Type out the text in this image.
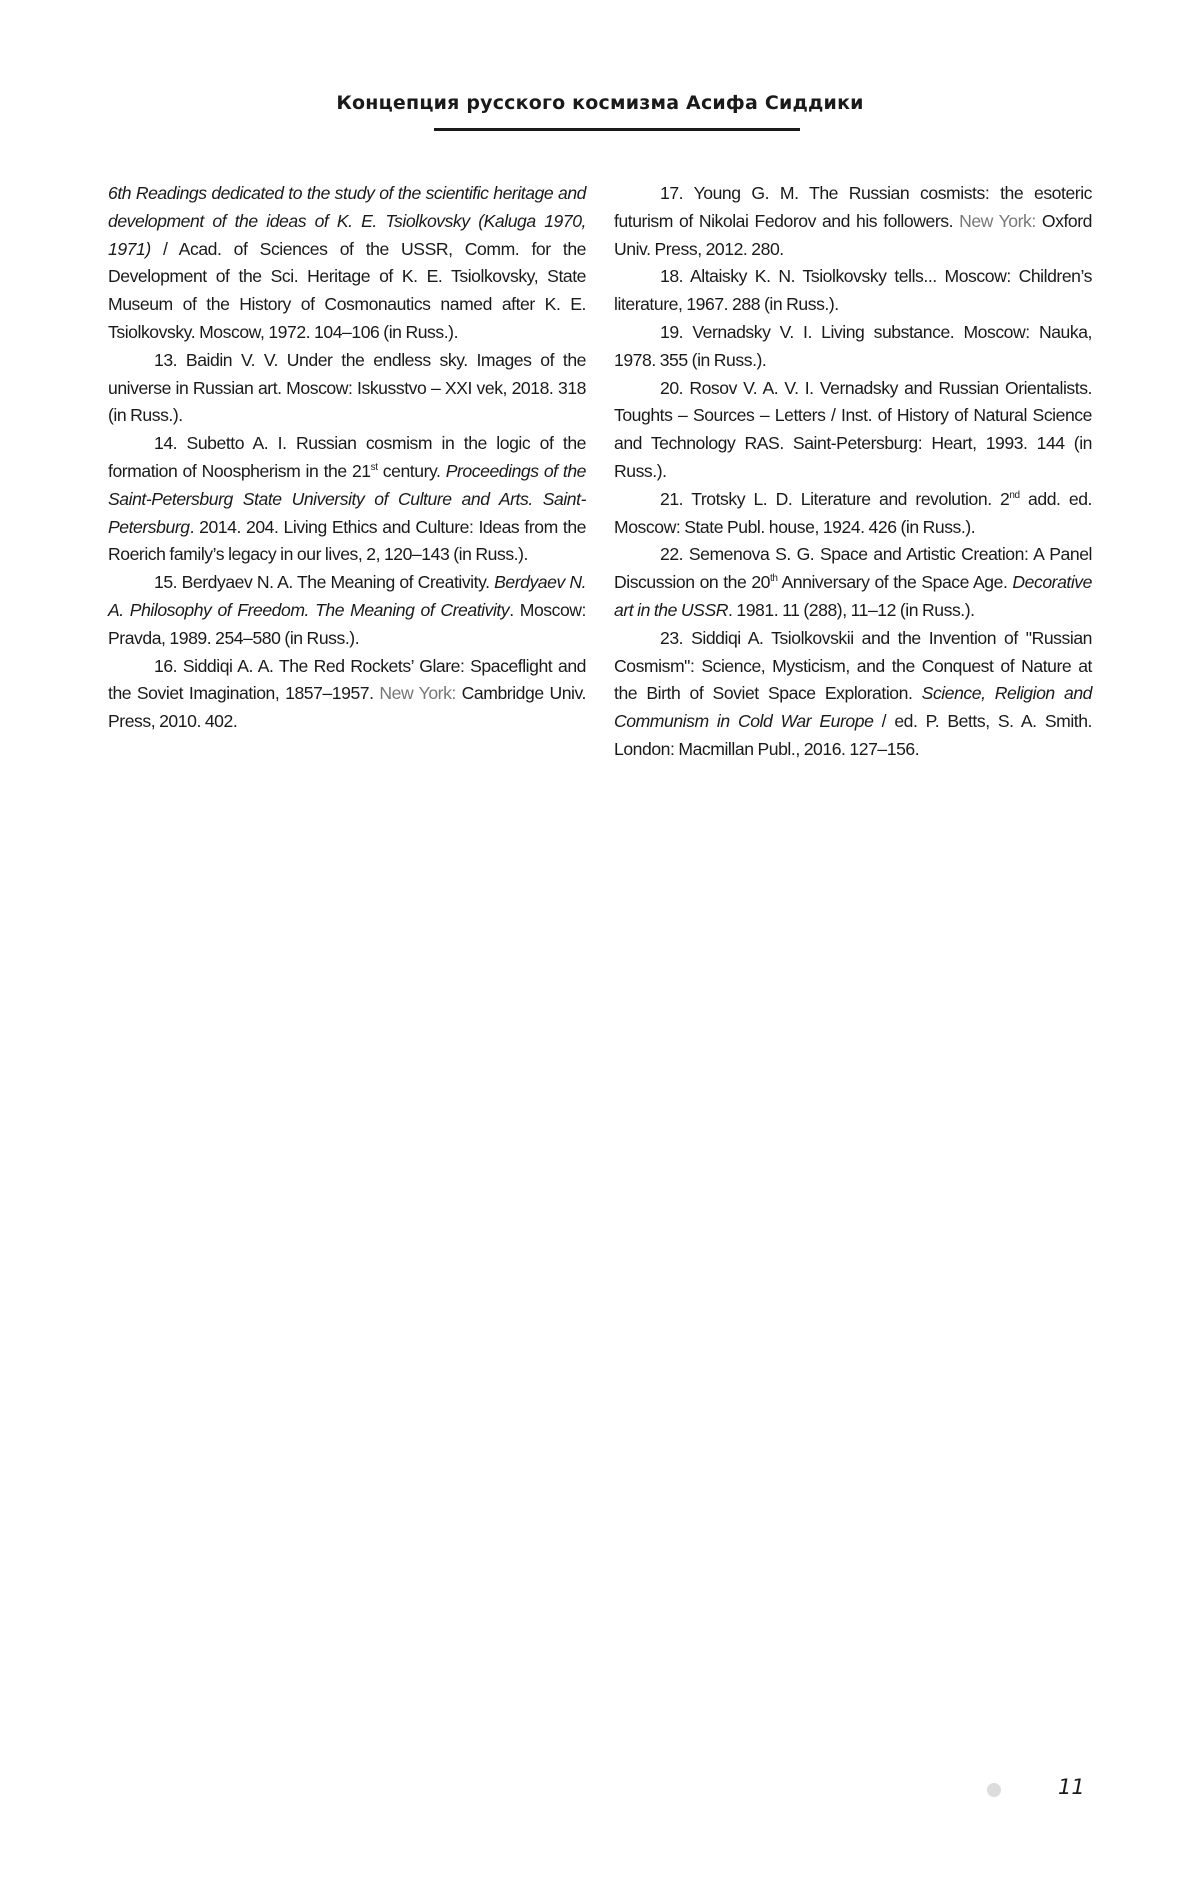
Концепция русского космизма Асифа Сиддики

6th Readings dedicated to the study of the scientific heritage and development of the ideas of K. E. Tsiolkovsky (Kaluga 1970, 1971) / Acad. of Sciences of the USSR, Comm. for the Development of the Sci. Heritage of K. E. Tsiolkovsky, State Museum of the History of Cosmonautics named after K. E. Tsiolkovsky. Moscow, 1972. 104–106 (in Russ.).

13. Baidin V. V. Under the endless sky. Images of the universe in Russian art. Moscow: Iskusstvo – XXI vek, 2018. 318 (in Russ.).

14. Subetto A. I. Russian cosmism in the logic of the formation of Noospherism in the 21st century. Proceedings of the Saint-Petersburg State University of Culture and Arts. Saint-Petersburg. 2014. 204. Living Ethics and Culture: Ideas from the Roerich family’s legacy in our lives, 2, 120–143 (in Russ.).

15. Berdyaev N. A. The Meaning of Creativity. Berdyaev N. A. Philosophy of Freedom. The Meaning of Creativity. Moscow: Pravda, 1989. 254–580 (in Russ.).

16. Siddiqi A. A. The Red Rockets’ Glare: Spaceflight and the Soviet Imagination, 1857–1957. New York: Cambridge Univ. Press, 2010. 402.

17. Young G. M. The Russian cosmists: the esoteric futurism of Nikolai Fedorov and his followers. New York: Oxford Univ. Press, 2012. 280.

18. Altaisky K. N. Tsiolkovsky tells... Moscow: Children’s literature, 1967. 288 (in Russ.).

19. Vernadsky V. I. Living substance. Moscow: Nauka, 1978. 355 (in Russ.).

20. Rosov V. A. V. I. Vernadsky and Russian Orientalists. Toughts – Sources – Letters / Inst. of History of Natural Science and Technology RAS. Saint-Petersburg: Heart, 1993. 144 (in Russ.).

21. Trotsky L. D. Literature and revolution. 2nd add. ed. Moscow: State Publ. house, 1924. 426 (in Russ.).

22. Semenova S. G. Space and Artistic Creation: A Panel Discussion on the 20th Anniversary of the Space Age. Decorative art in the USSR. 1981. 11 (288), 11–12 (in Russ.).

23. Siddiqi A. Tsiolkovskii and the Invention of "Russian Cosmism": Science, Mysticism, and the Conquest of Nature at the Birth of Soviet Space Exploration. Science, Religion and Communism in Cold War Europe / ed. P. Betts, S. A. Smith. London: Macmillan Publ., 2016. 127–156.

11
